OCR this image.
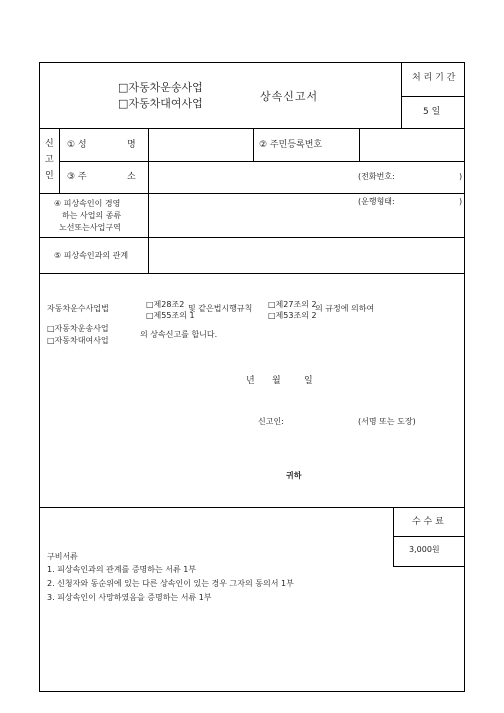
□자동차운송사업
□자동차대여사업
상속신고서
처 리 기 간
5 일
신
고
인
① 성	명	② 주민등록번호
③ 주	소	(전화번호:	)
④ 피상속인이 경영
하는 사업의 종류
노선또는사업구역
(운행형태:	)
⑤ 피상속인과의 관계
자동차운수사업법	□제28조2
□제55조의 1
및 같은법시행규칙 □제27조의 2
□제53조의 2
의 규정에 의하여
□자동차운송사업
□자동차대여사업
의 상속신고를 합니다.
년 월	일
신고인:	(서명 또는 도장)
귀하
수 수 료
3,000원
구비서류
1. 피상속인과의 관계를 증명하는 서류 1부
2. 신청자와 동순위에 있는 다른 상속인이 있는 경우 그자의 동의서 1부
3. 피상속인이 사망하였음을 증명하는 서류 1부
